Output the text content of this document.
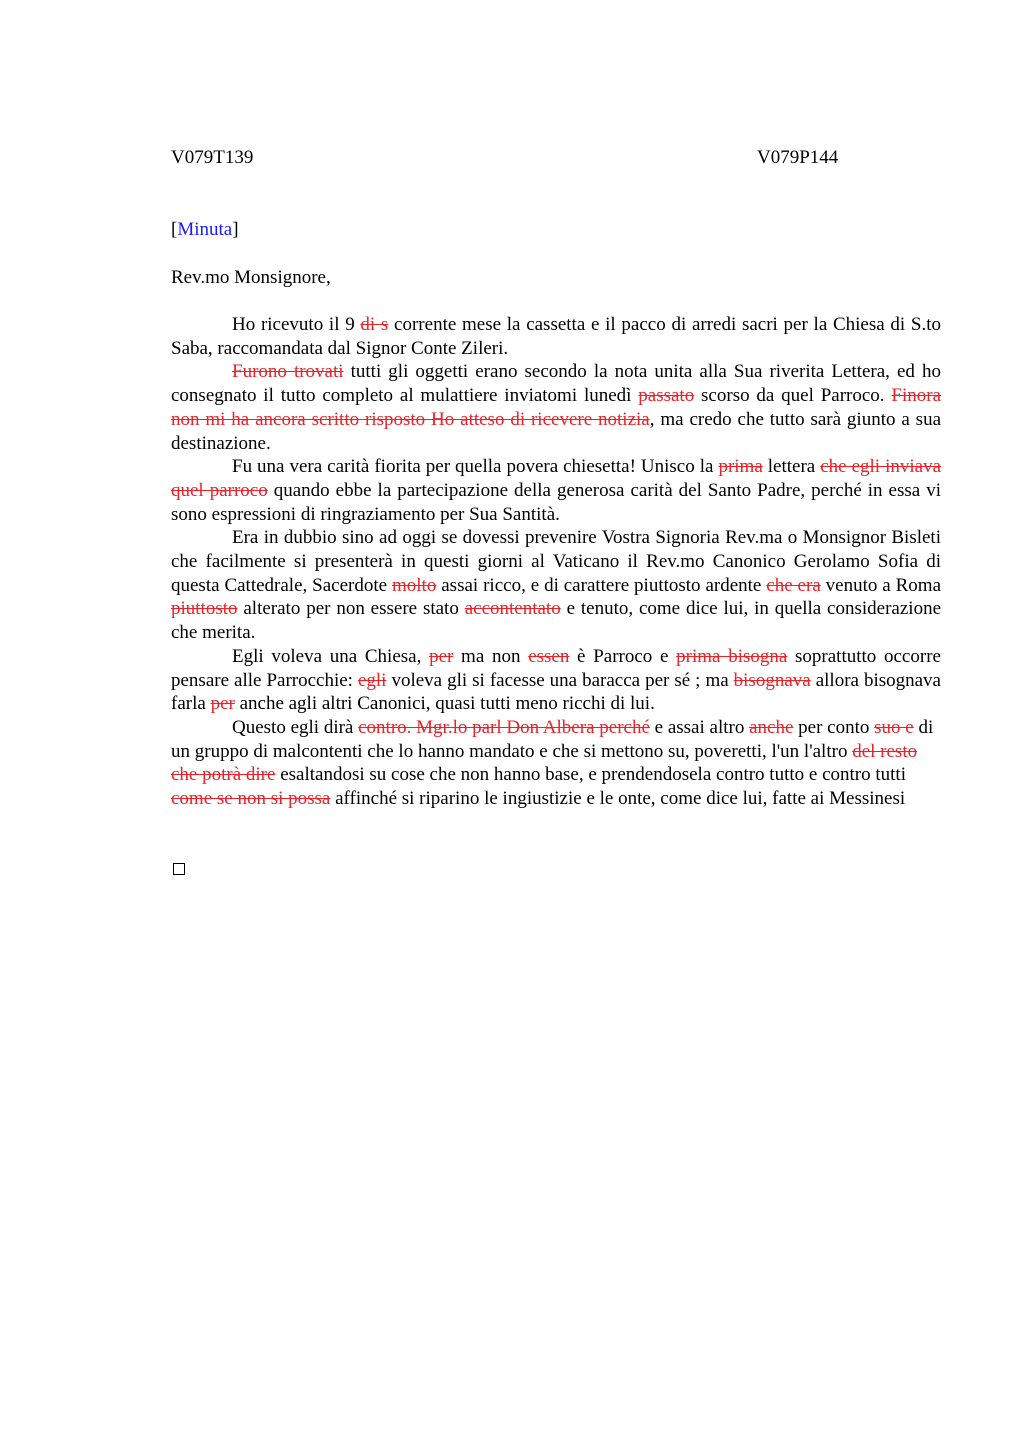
V079T139	V079P144
[Minuta]
Rev.mo Monsignore,

Ho ricevuto il 9 di s corrente mese la cassetta e il pacco di arredi sacri per la Chiesa di S.to Saba, raccomandata dal Signor Conte Zileri.

Furono trovati tutti gli oggetti erano secondo la nota unita alla Sua riverita Lettera, ed ho consegnato il tutto completo al mulattiere inviatomi lunedì passato scorso da quel Parroco. Finora non mi ha ancora scritto risposto Ho atteso di ricevere notizia, ma credo che tutto sarà giunto a sua destinazione.

Fu una vera carità fiorita per quella povera chiesetta! Unisco la prima lettera che egli inviava quel parroco quando ebbe la partecipazione della generosa carità del Santo Padre, perché in essa vi sono espressioni di ringraziamento per Sua Santità.

Era in dubbio sino ad oggi se dovessi prevenire Vostra Signoria Rev.ma o Monsignor Bisleti che facilmente si presenterà in questi giorni al Vaticano il Rev.mo Canonico Gerolamo Sofia di questa Cattedrale, Sacerdote molto assai ricco, e di carattere piuttosto ardente che era venuto a Roma piuttosto alterato per non essere stato accontentato e tenuto, come dice lui, in quella considerazione che merita.

Egli voleva una Chiesa, per ma non essen è Parroco e prima bisogna soprattutto occorre pensare alle Parrocchie: egli voleva gli si facesse una baracca per sé ; ma bisognava allora bisognava farla per anche agli altri Canonici, quasi tutti meno ricchi di lui.

Questo egli dirà contro. Mgr.lo parl Don Albera perché e assai altro anche per conto suo e di un gruppo di malcontenti che lo hanno mandato e che si mettono su, poveretti, l'un l'altro del resto che potrà dire esaltandosi su cose che non hanno base, e prendendosela contro tutto e contro tutti come se non si possa affinché si riparino le ingiustizie e le onte, come dice lui, fatte ai Messinesi
